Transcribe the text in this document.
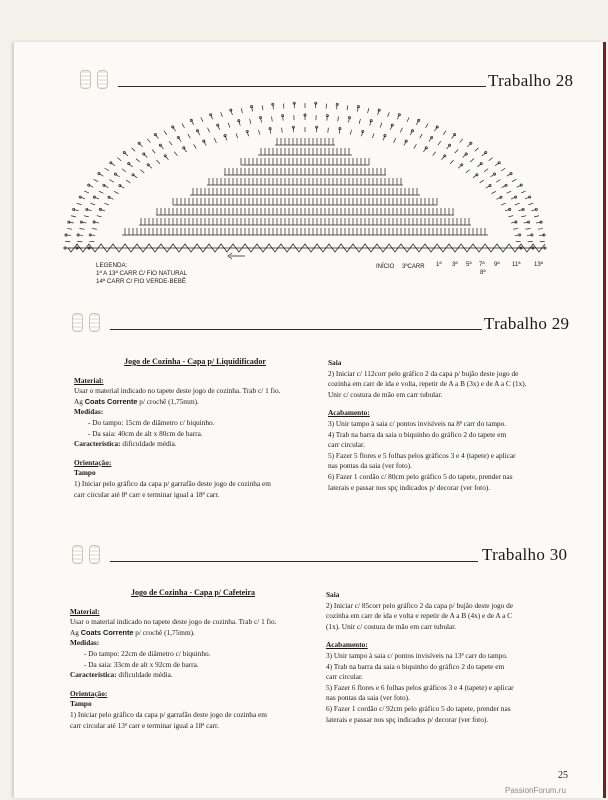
Trabalho 28
LEGENDA:
1ª A 13ª CARR C/ FIO NATURAL
14ª CARR C/ FIO VERDE-BEBÊ
INÍCIO 3ªCARR 1ª 3ª 5ª 7ª 9ª
8ª
11ª 13ª
Trabalho 29

Jogo de Cozinha - Capa p/ Liquidificador

Material:

Usar o material indicado no tapete deste jogo de cozinha. Trab c/ 1 fio.

Ag Coats Corrente p/ crochê (1,75mm).

Medidas:

- Do tampo: 15cm de diâmetro c/ biquinho.

- Da saia: 40cm de alt x 80cm de barra.

Característica: dificuldade média.

Orientação:

Tampo

1) Iniciar pelo gráfico da capa p/ garrafão deste jogo de cozinha em

carr circular até 8ª carr e terminar igual a 18ª carr.

Saia

2) Iniciar c/ 112corr pelo gráfico 2 da capa p/ bujão deste jogo de

cozinha em carr de ida e volta, repetir de A a B (3x) e de A a C (1x).

Unir c/ costura de mão em carr tubular.

Acabamento:

3) Unir tampo à saia c/ pontos invisíveis na 8ª carr do tampo.

4) Trab na barra da saia o biquinho do gráfico 2 do tapete em

carr circular.

5) Fazer 5 flores e 5 folhas pelos gráficos 3 e 4 (tapete) e aplicar

nas pontas da saia (ver foto).

6) Fazer 1 cordão c/ 80cm pelo gráfico 5 do tapete, prender nas

laterais e passar nos spç indicados p/ decorar (ver foto).

Trabalho 30

Jogo de Cozinha - Capa p/ Cafeteira

Material:

Usar o material indicado no tapete deste jogo de cozinha. Trab c/ 1 fio.

Ag Coats Corrente p/ crochê (1,75mm).

Medidas:

- Do tampo: 22cm de diâmetro c/ biquinho.

- Da saia: 33cm de alt x 92cm de barra.

Característica: dificuldade média.

Orientação:

Tampo

1) Iniciar pelo gráfico da capa p/ garrafão deste jogo de cozinha em

carr circular até 13ª carr e terminar igual a 18ª carr.

Saia

2) Iniciar c/ 85corr pelo gráfico 2 da capa p/ bujão deste jogo de

cozinha em carr de ida e volta e repetir de A a B (4x) e de A a C

(1x). Unir c/ costura de mão em carr tubular.

Acabamento:

3) Unir tampo à saia c/ pontos invisíveis na 13ª carr do tampo.

4) Trab na barra da saia o biquinho do gráfico 2 do tapete em

carr circular.

5) Fazer 6 flores e 6 folhas pelos gráficos 3 e 4 (tapete) e aplicar

nas pontas da saia (ver foto).

6) Fazer 1 cordão c/ 92cm pelo gráfico 5 do tapete, prender nas

laterais e passar nos spç indicados p/ decorar (ver foto).

25
PassionForum.ru
